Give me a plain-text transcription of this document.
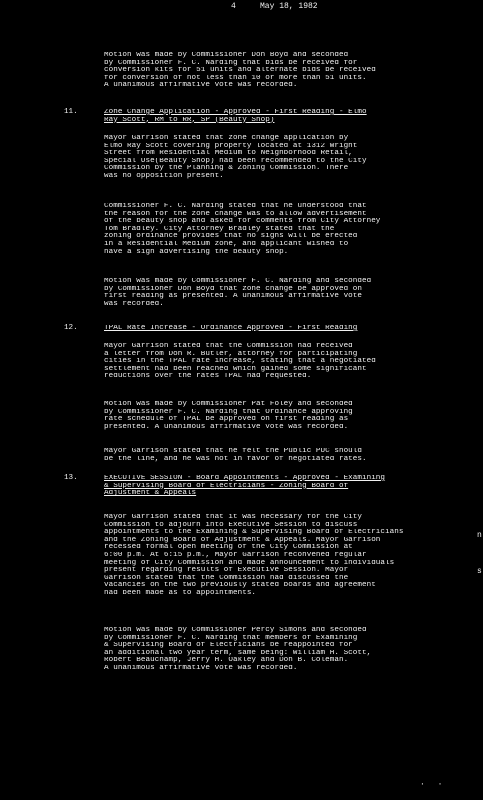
4

	May 18, 1982

Motion was made by Commissioner Don Boyd and seconded
by Commissioner F. C. Narding that bids be received for
conversion kits for 51 units and alternate bids be received
for conversion of not less than 10 or more than 51 units.
A unanimous affirmative vote was recorded.
11.	Zone Change Application - Approved - First Reading - Elmo
Ray Scott, RM to RR, SP (Beauty Shop)
Mayor Garrison stated that zone change application by
Elmo Ray Scott covering property located at 1312 Wright
Street from Residential Medium to Neighborhood Retail,
Special Use(Beauty Shop) had been recommended to the City
Commission by the Planning & Zoning Commission. There
was no opposition present.
Commissioner F. C. Narding stated that he understood that
the reason for the zone change was to allow advertisement
of the beauty shop and asked for comments from City Attorney
Tom Bradley. City Attorney Bradley stated that the
zoning ordinance provides that no signs will be erected
in a Residential Medium zone, and applicant wished to
have a sign advertising the beauty shop.
Motion was made by Commissioner F. C. Narding and seconded
by Commissioner Don Boyd that zone change be approved on
first reading as presented. A unanimous affirmative vote
was recorded.
12.	TPAL Rate Increase - Ordinance Approved - First Reading
Mayor Garrison stated that the Commission had received
a letter from Don R. Butler, attorney for participating
cities in the TPAL rate increase, stating that a negotiated
settlement had been reached which gained some significant
reductions over the rates TPAL had requested.
Motion was made by Commissioner Pat Foley and seconded
by Commissioner F. C. Narding that Ordinance approving
rate schedule of TPAL be approved on first reading as
presented. A unanimous affirmative vote was recorded.
Mayor Garrison stated that he felt the Public PUC should
be the line, and he was not in favor of negotiated rates.
13.	EXECUTIVE SESSION - Board Appointments - Approved - Examining
& Supervising Board of Electricians - Zoning Board of
Adjustment & Appeals
Mayor Garrison stated that it was necessary for the City
Commission to adjourn into Executive Session to discuss
appointments to the Examining & Supervising Board of Electricians
and the Zoning Board of Adjustment & Appeals. Mayor Garrison
recessed formal open meeting of the City Commission at
6:00 p.m. At 6:15 p.m., Mayor Garrison reconvened regular
meeting of City Commission and made announcement to individuals
present regarding results of Executive Session. Mayor
Garrison stated that the Commission had discussed the
vacancies on the two previously stated boards and agreement
had been made as to appointments.
Motion was made by Commissioner Percy Simons and seconded
by Commissioner F. C. Narding that members of Examining
& Supervising Board of Electricians be reappointed for
an additional two year term, same being: William H. Scott,
Robert Beauchamp, Jerry H. Oakley and Don B. Coleman.
A unanimous affirmative vote was recorded.
n
s
· ·
